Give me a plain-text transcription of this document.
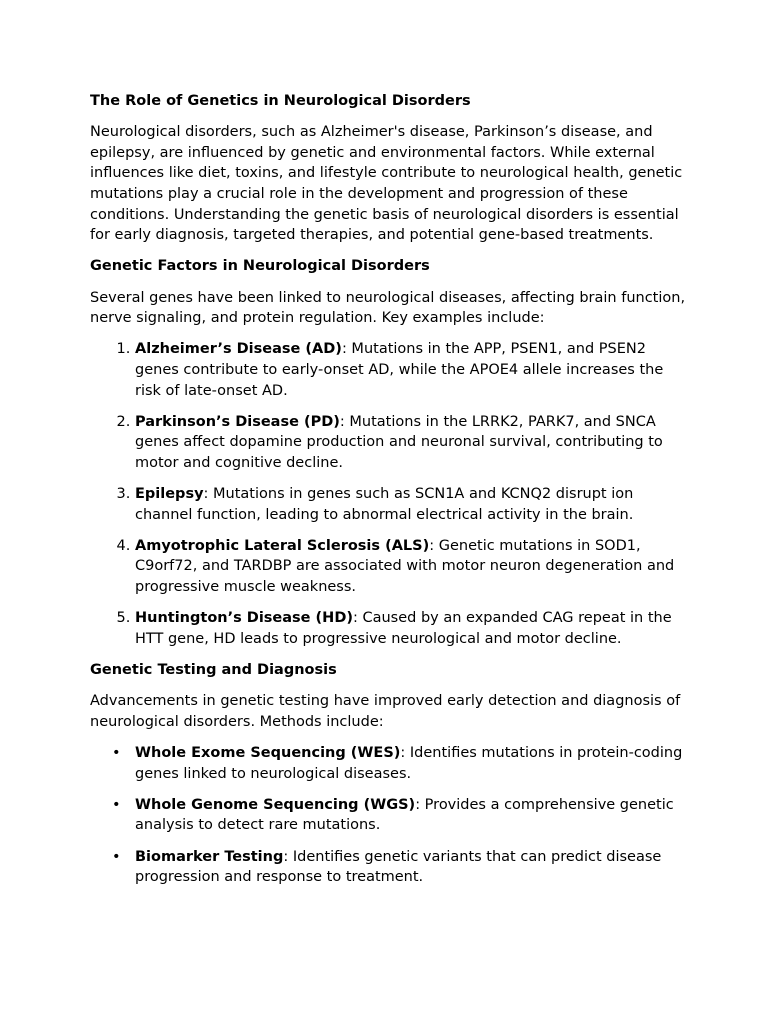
The Role of Genetics in Neurological Disorders

Neurological disorders, such as Alzheimer's disease, Parkinson’s disease, and epilepsy, are influenced by genetic and environmental factors. While external influences like diet, toxins, and lifestyle contribute to neurological health, genetic mutations play a crucial role in the development and progression of these conditions. Understanding the genetic basis of neurological disorders is essential for early diagnosis, targeted therapies, and potential gene-based treatments.

Genetic Factors in Neurological Disorders

Several genes have been linked to neurological diseases, affecting brain function, nerve signaling, and protein regulation. Key examples include:

1. Alzheimer’s Disease (AD): Mutations in the APP, PSEN1, and PSEN2 genes contribute to early-onset AD, while the APOE4 allele increases the risk of late-onset AD.
2. Parkinson’s Disease (PD): Mutations in the LRRK2, PARK7, and SNCA genes affect dopamine production and neuronal survival, contributing to motor and cognitive decline.
3. Epilepsy: Mutations in genes such as SCN1A and KCNQ2 disrupt ion channel function, leading to abnormal electrical activity in the brain.
4. Amyotrophic Lateral Sclerosis (ALS): Genetic mutations in SOD1, C9orf72, and TARDBP are associated with motor neuron degeneration and progressive muscle weakness.
5. Huntington’s Disease (HD): Caused by an expanded CAG repeat in the HTT gene, HD leads to progressive neurological and motor decline.
Genetic Testing and Diagnosis

Advancements in genetic testing have improved early detection and diagnosis of neurological disorders. Methods include:

• Whole Exome Sequencing (WES): Identifies mutations in protein-coding genes linked to neurological diseases.
• Whole Genome Sequencing (WGS): Provides a comprehensive genetic analysis to detect rare mutations.
• Biomarker Testing: Identifies genetic variants that can predict disease progression and response to treatment.
